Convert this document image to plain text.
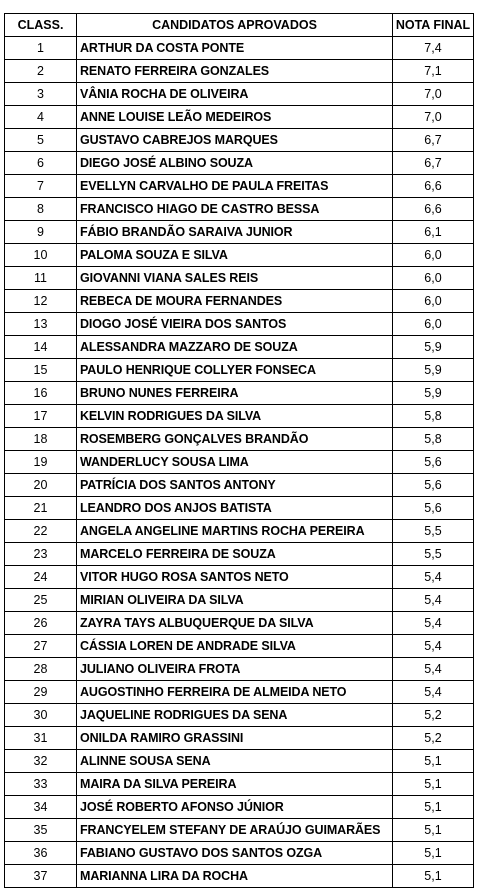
CLASS.	CANDIDATOS APROVADOS	NOTA FINAL
1	ARTHUR DA COSTA PONTE	7,4
2	RENATO FERREIRA GONZALES	7,1
3	VÂNIA ROCHA DE OLIVEIRA	7,0
4	ANNE LOUISE LEÃO MEDEIROS	7,0
5	GUSTAVO CABREJOS MARQUES	6,7
6	DIEGO JOSÉ ALBINO SOUZA	6,7
7	EVELLYN CARVALHO DE PAULA FREITAS	6,6
8	FRANCISCO HIAGO DE CASTRO BESSA	6,6
9	FÁBIO BRANDÃO SARAIVA JUNIOR	6,1
10	PALOMA SOUZA E SILVA	6,0
11	GIOVANNI VIANA SALES REIS	6,0
12	REBECA DE MOURA FERNANDES	6,0
13	DIOGO JOSÉ VIEIRA DOS SANTOS	6,0
14	ALESSANDRA MAZZARO DE SOUZA	5,9
15	PAULO HENRIQUE COLLYER FONSECA	5,9
16	BRUNO NUNES FERREIRA	5,9
17	KELVIN RODRIGUES DA SILVA	5,8
18	ROSEMBERG GONÇALVES BRANDÃO	5,8
19	WANDERLUCY SOUSA LIMA	5,6
20	PATRÍCIA DOS SANTOS ANTONY	5,6
21	LEANDRO DOS ANJOS BATISTA	5,6
22	ANGELA ANGELINE MARTINS ROCHA PEREIRA	5,5
23	MARCELO FERREIRA DE SOUZA	5,5
24	VITOR HUGO ROSA SANTOS NETO	5,4
25	MIRIAN OLIVEIRA DA SILVA	5,4
26	ZAYRA TAYS ALBUQUERQUE DA SILVA	5,4
27	CÁSSIA LOREN DE ANDRADE SILVA	5,4
28	JULIANO OLIVEIRA FROTA	5,4
29	AUGOSTINHO FERREIRA DE ALMEIDA NETO	5,4
30	JAQUELINE RODRIGUES DA SENA	5,2
31	ONILDA RAMIRO GRASSINI	5,2
32	ALINNE SOUSA SENA	5,1
33	MAIRA DA SILVA PEREIRA	5,1
34	JOSÉ ROBERTO AFONSO JÚNIOR	5,1
35	FRANCYELEM STEFANY DE ARAÚJO GUIMARÃES	5,1
36	FABIANO GUSTAVO DOS SANTOS OZGA	5,1
37	MARIANNA LIRA DA ROCHA	5,1
